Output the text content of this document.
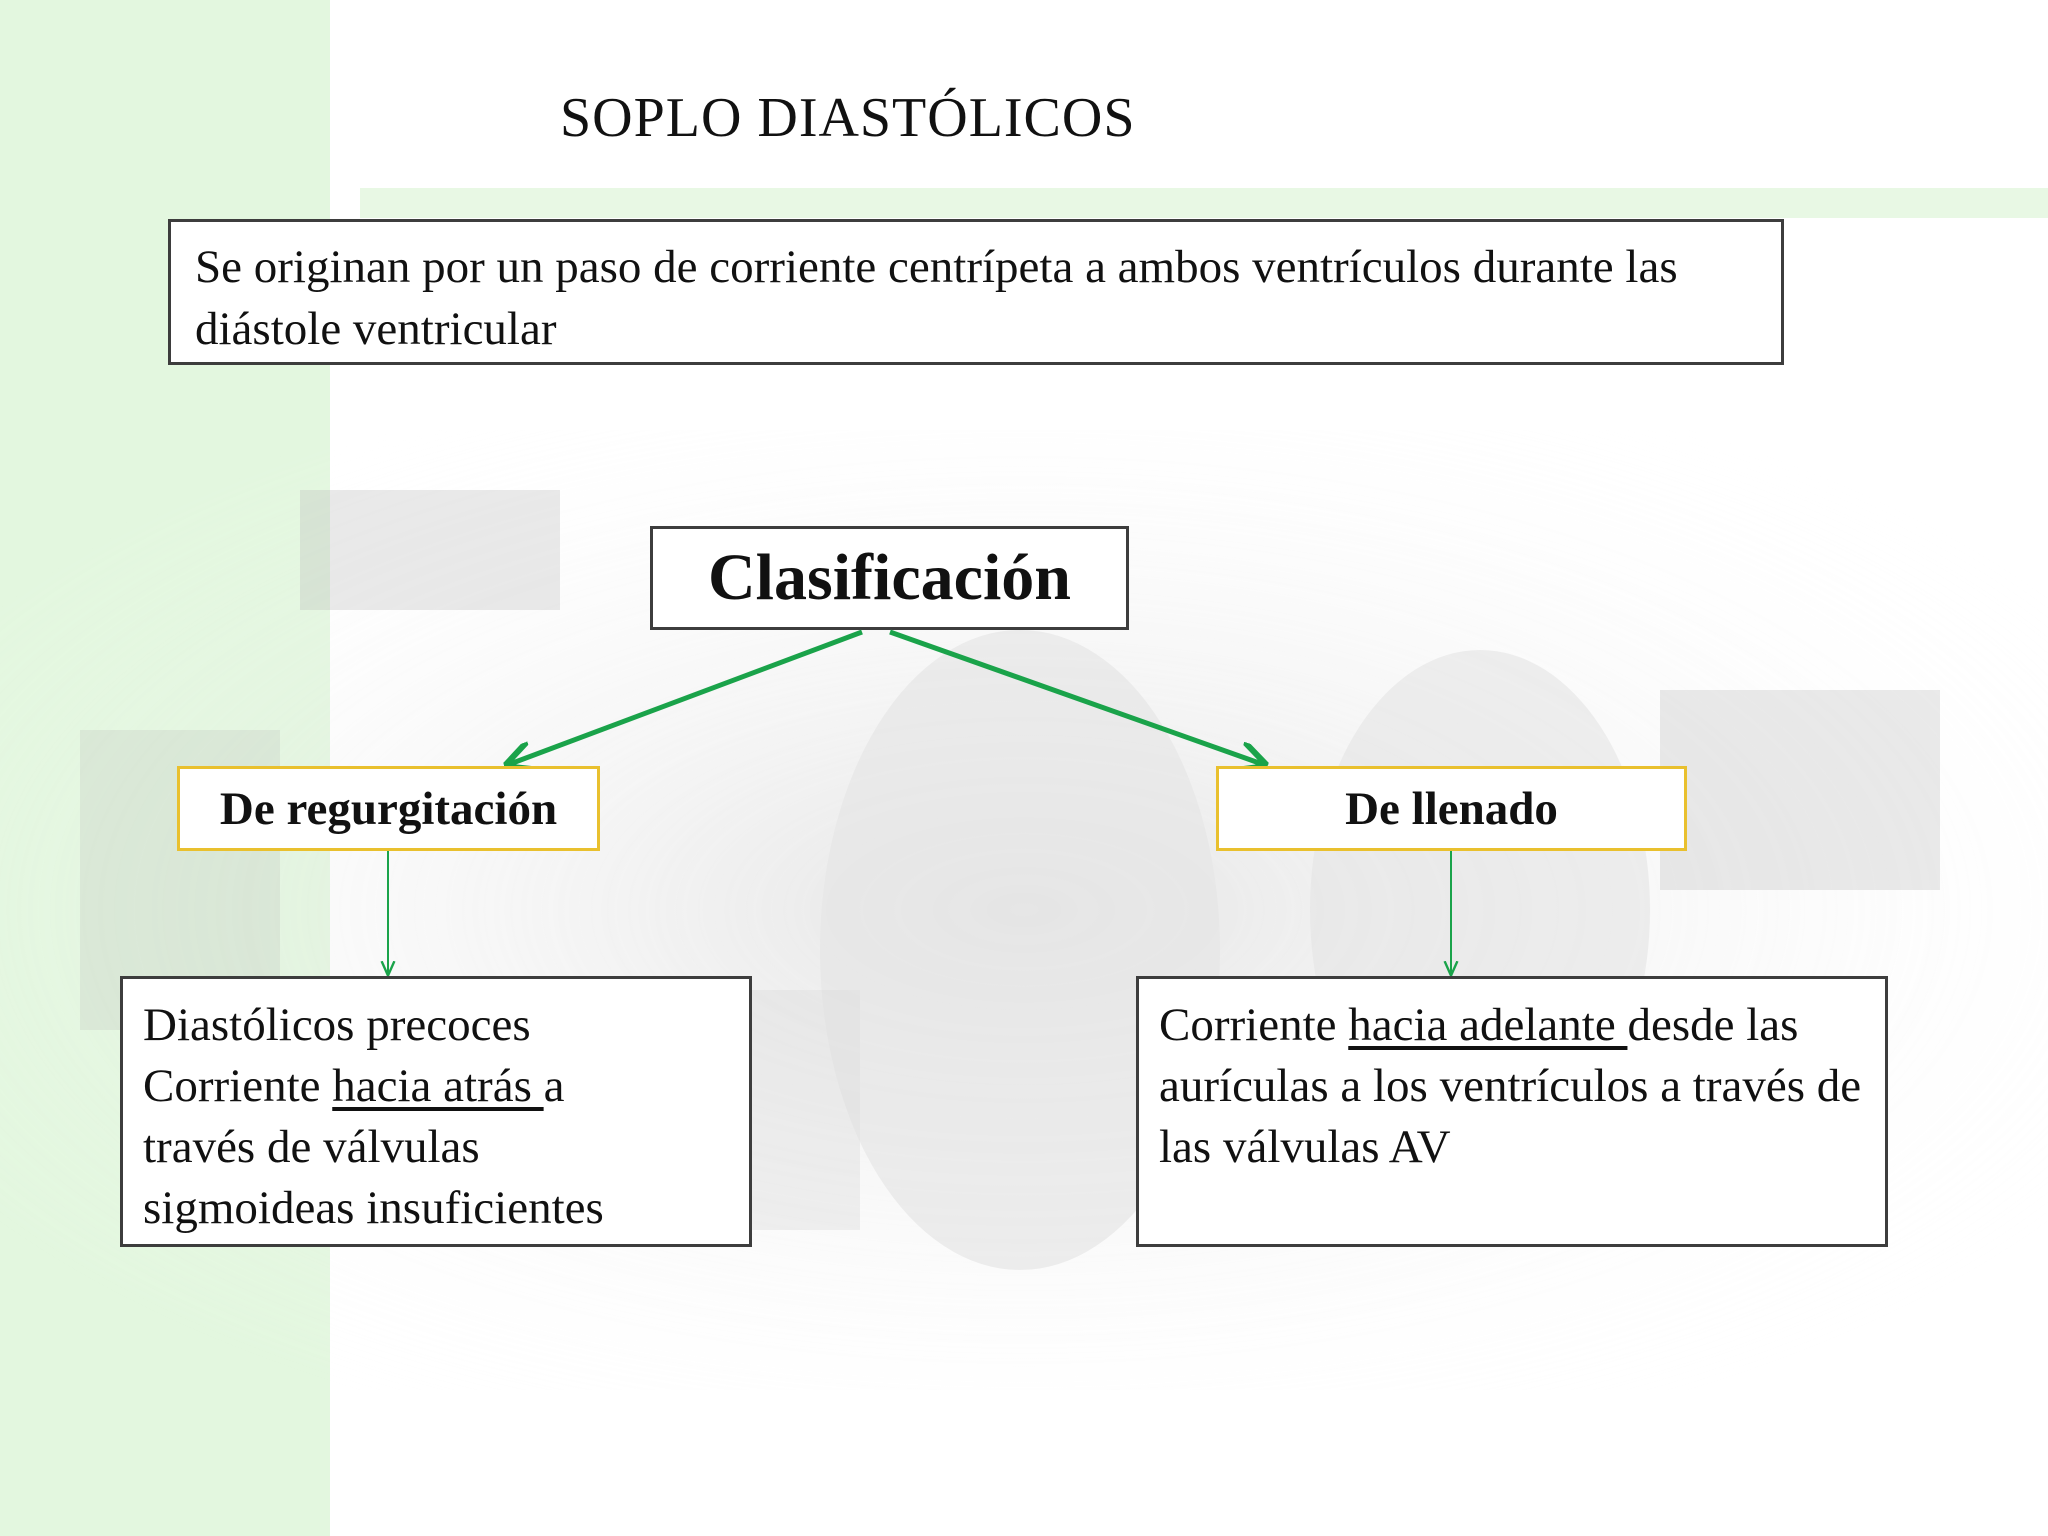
SOPLO DIASTÓLICOS
Se originan por un paso de corriente centrípeta a ambos ventrículos durante las diástole ventricular
Clasificación
De regurgitación	De llenado
Diastólicos precoces
Corriente hacia atrás a
través de válvulas
sigmoideas insuficientes
Corriente hacia adelante desde las aurículas a los ventrículos a través de las válvulas AV
